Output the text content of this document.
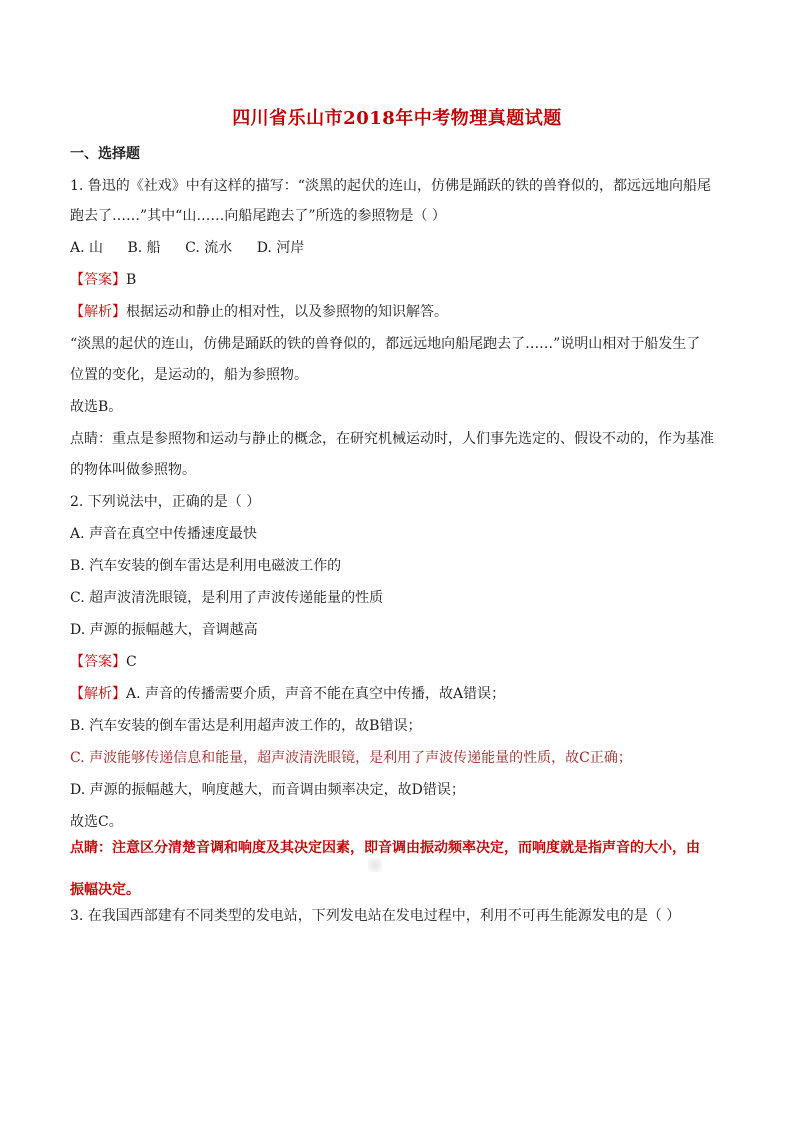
四川省乐山市2018年中考物理真题试题
一、选择题
1. 鲁迅的《社戏》中有这样的描写：“淡黑的起伏的连山，仿佛是踊跃的铁的兽脊似的，都远远地向船尾
跑去了……”其中“山……向船尾跑去了”所选的参照物是（ ）
A. 山 B. 船 C. 流水 D. 河岸
【答案】B
【解析】根据运动和静止的相对性，以及参照物的知识解答。
“淡黑的起伏的连山，仿佛是踊跃的铁的兽脊似的，都远远地向船尾跑去了……”说明山相对于船发生了
位置的变化，是运动的，船为参照物。
故选B。
点睛：重点是参照物和运动与静止的概念，在研究机械运动时，人们事先选定的、假设不动的，作为基准
的物体叫做参照物。
2. 下列说法中，正确的是（ ）
A. 声音在真空中传播速度最快
B. 汽车安装的倒车雷达是利用电磁波工作的
C. 超声波清洗眼镜，是利用了声波传递能量的性质
D. 声源的振幅越大，音调越高
【答案】C
【解析】A. 声音的传播需要介质，声音不能在真空中传播，故A错误；
B. 汽车安装的倒车雷达是利用超声波工作的，故B错误；
C. 声波能够传递信息和能量，超声波清洗眼镜，是利用了声波传递能量的性质，故C正确；
D. 声源的振幅越大，响度越大，而音调由频率决定，故D错误；
故选C。
点睛：注意区分清楚音调和响度及其决定因素，即音调由振动频率决定，而响度就是指声音的大小，由
振幅决定。
3. 在我国西部建有不同类型的发电站，下列发电站在发电过程中，利用不可再生能源发电的是（ ）
